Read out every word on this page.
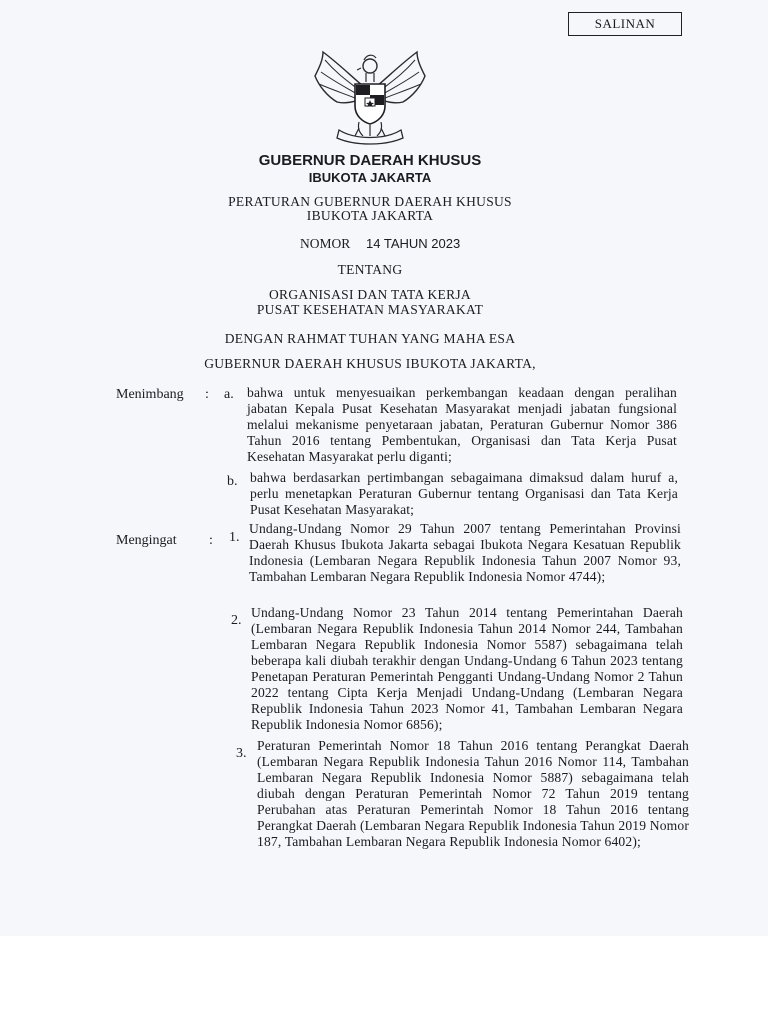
SALINAN
GUBERNUR DAERAH KHUSUS
IBUKOTA JAKARTA
PERATURAN GUBERNUR DAERAH KHUSUS
IBUKOTA JAKARTA
NOMOR 14 TAHUN 2023
TENTANG
ORGANISASI DAN TATA KERJA
PUSAT KESEHATAN MASYARAKAT
DENGAN RAHMAT TUHAN YANG MAHA ESA
GUBERNUR DAERAH KHUSUS IBUKOTA JAKARTA,
Menimbang : a. bahwa untuk menyesuaikan perkembangan keadaan dengan peralihan jabatan Kepala Pusat Kesehatan Masyarakat menjadi jabatan fungsional melalui mekanisme penyetaraan jabatan, Peraturan Gubernur Nomor 386 Tahun 2016 tentang Pembentukan, Organisasi dan Tata Kerja Pusat Kesehatan Masyarakat perlu diganti;

b. bahwa berdasarkan pertimbangan sebagaimana dimaksud dalam huruf a, perlu menetapkan Peraturan Gubernur tentang Organisasi dan Tata Kerja Pusat Kesehatan Masyarakat;

Mengingat : 1.

Undang-Undang Nomor 29 Tahun 2007 tentang Pemerintahan Provinsi Daerah Khusus Ibukota Jakarta sebagai Ibukota Negara Kesatuan Republik Indonesia (Lembaran Negara Republik Indonesia Tahun 2007 Nomor 93, Tambahan Lembaran Negara Republik Indonesia Nomor 4744);

2.

Undang-Undang Nomor 23 Tahun 2014 tentang Pemerintahan Daerah (Lembaran Negara Republik Indonesia Tahun 2014 Nomor 244, Tambahan Lembaran Negara Republik Indonesia Nomor 5587) sebagaimana telah beberapa kali diubah terakhir dengan Undang-Undang 6 Tahun 2023 tentang Penetapan Peraturan Pemerintah Pengganti Undang-Undang Nomor 2 Tahun 2022 tentang Cipta Kerja Menjadi Undang-Undang (Lembaran Negara Republik Indonesia Tahun 2023 Nomor 41, Tambahan Lembaran Negara Republik Indonesia Nomor 6856);

3.

Peraturan Pemerintah Nomor 18 Tahun 2016 tentang Perangkat Daerah (Lembaran Negara Republik Indonesia Tahun 2016 Nomor 114, Tambahan Lembaran Negara Republik Indonesia Nomor 5887) sebagaimana telah diubah dengan Peraturan Pemerintah Nomor 72 Tahun 2019 tentang Perubahan atas Peraturan Pemerintah Nomor 18 Tahun 2016 tentang Perangkat Daerah (Lembaran Negara Republik Indonesia Tahun 2019 Nomor 187, Tambahan Lembaran Negara Republik Indonesia Nomor 6402);
